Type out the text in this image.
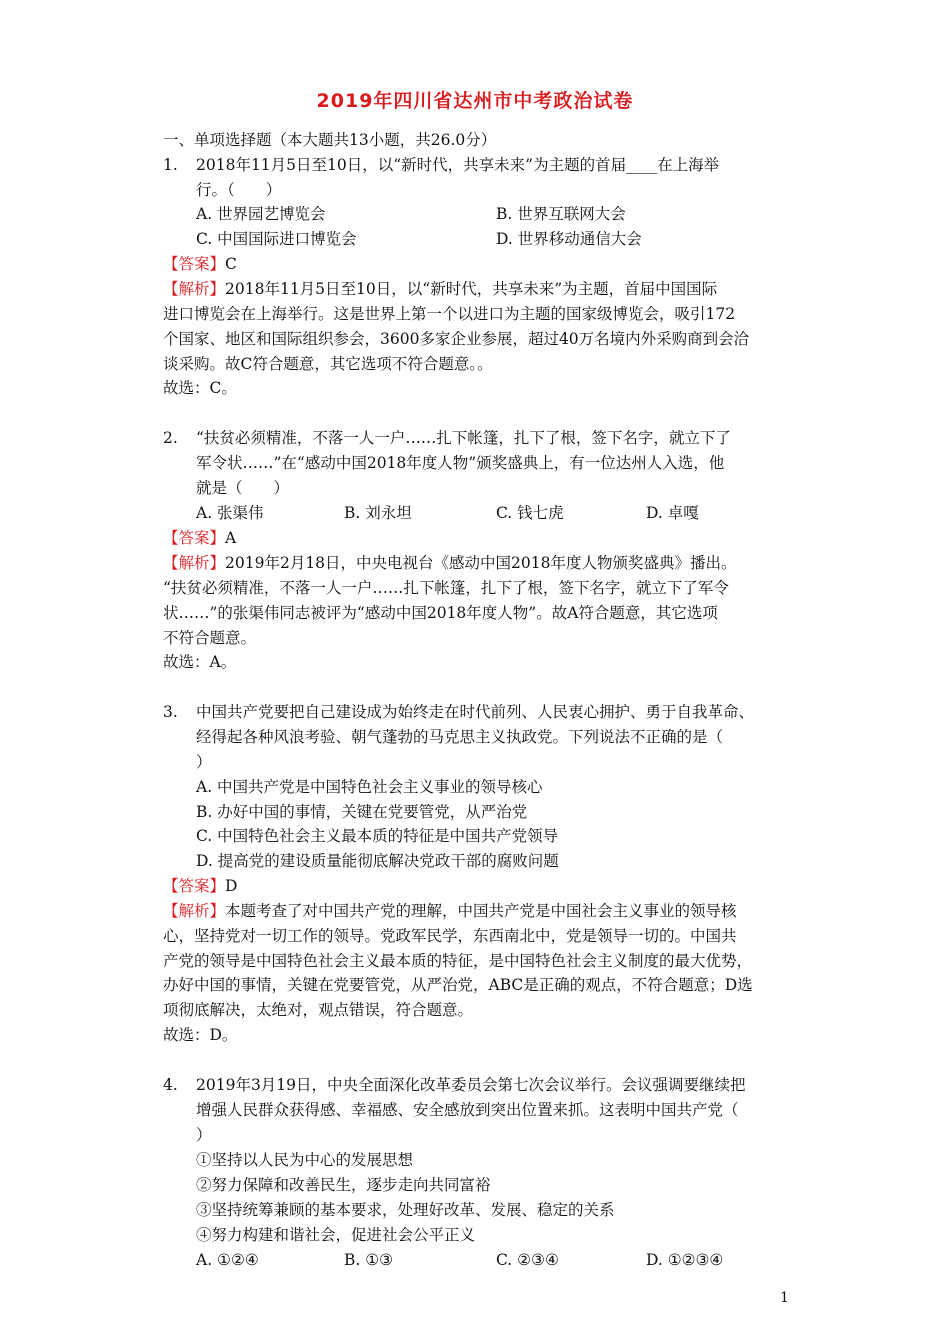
2019年四川省达州市中考政治试卷
一、单项选择题（本大题共13小题，共26.0分）
1. 2018年11月5日至10日，以“新时代，共享未来”为主题的首届____在上海举
行。（　　）
A. 世界园艺博览会	B. 世界互联网大会
C. 中国国际进口博览会	D. 世界移动通信大会
【答案】C
【解析】2018年11月5日至10日，以“新时代，共享未来”为主题，首届中国国际
进口博览会在上海举行。这是世界上第一个以进口为主题的国家级博览会，吸引172
个国家、地区和国际组织参会，3600多家企业参展，超过40万名境内外采购商到会洽
谈采购。故C符合题意，其它选项不符合题意。。
故选：C。
2. “扶贫必须精准，不落一人一户……扎下帐篷，扎下了根，签下名字，就立下了
军令状……”在“感动中国2018年度人物”颁奖盛典上，有一位达州人入选，他
就是（　　）
A. 张渠伟	B. 刘永坦	C. 钱七虎	D. 卓嘎
【答案】A
【解析】2019年2月18日，中央电视台《感动中国2018年度人物颁奖盛典》播出。
“扶贫必须精准，不落一人一户……扎下帐篷，扎下了根，签下名字，就立下了军令
状……”的张渠伟同志被评为“感动中国2018年度人物”。故A符合题意，其它选项
不符合题意。
故选：A。
3. 中国共产党要把自己建设成为始终走在时代前列、人民衷心拥护、勇于自我革命、
经得起各种风浪考验、朝气蓬勃的马克思主义执政党。下列说法不正确的是（
）
A. 中国共产党是中国特色社会主义事业的领导核心
B. 办好中国的事情，关键在党要管党，从严治党
C. 中国特色社会主义最本质的特征是中国共产党领导
D. 提高党的建设质量能彻底解决党政干部的腐败问题
【答案】D
【解析】本题考查了对中国共产党的理解，中国共产党是中国社会主义事业的领导核
心，坚持党对一切工作的领导。党政军民学，东西南北中，党是领导一切的。中国共
产党的领导是中国特色社会主义最本质的特征，是中国特色社会主义制度的最大优势，
办好中国的事情，关键在党要管党，从严治党，ABC是正确的观点，不符合题意；D选
项彻底解决，太绝对，观点错误，符合题意。
故选：D。
4. 2019年3月19日，中央全面深化改革委员会第七次会议举行。会议强调要继续把
增强人民群众获得感、幸福感、安全感放到突出位置来抓。这表明中国共产党（
）
①坚持以人民为中心的发展思想
②努力保障和改善民生，逐步走向共同富裕
③坚持统筹兼顾的基本要求，处理好改革、发展、稳定的关系
④努力构建和谐社会，促进社会公平正义
A. ①②④	B. ①③	C. ②③④	D. ①②③④
1
